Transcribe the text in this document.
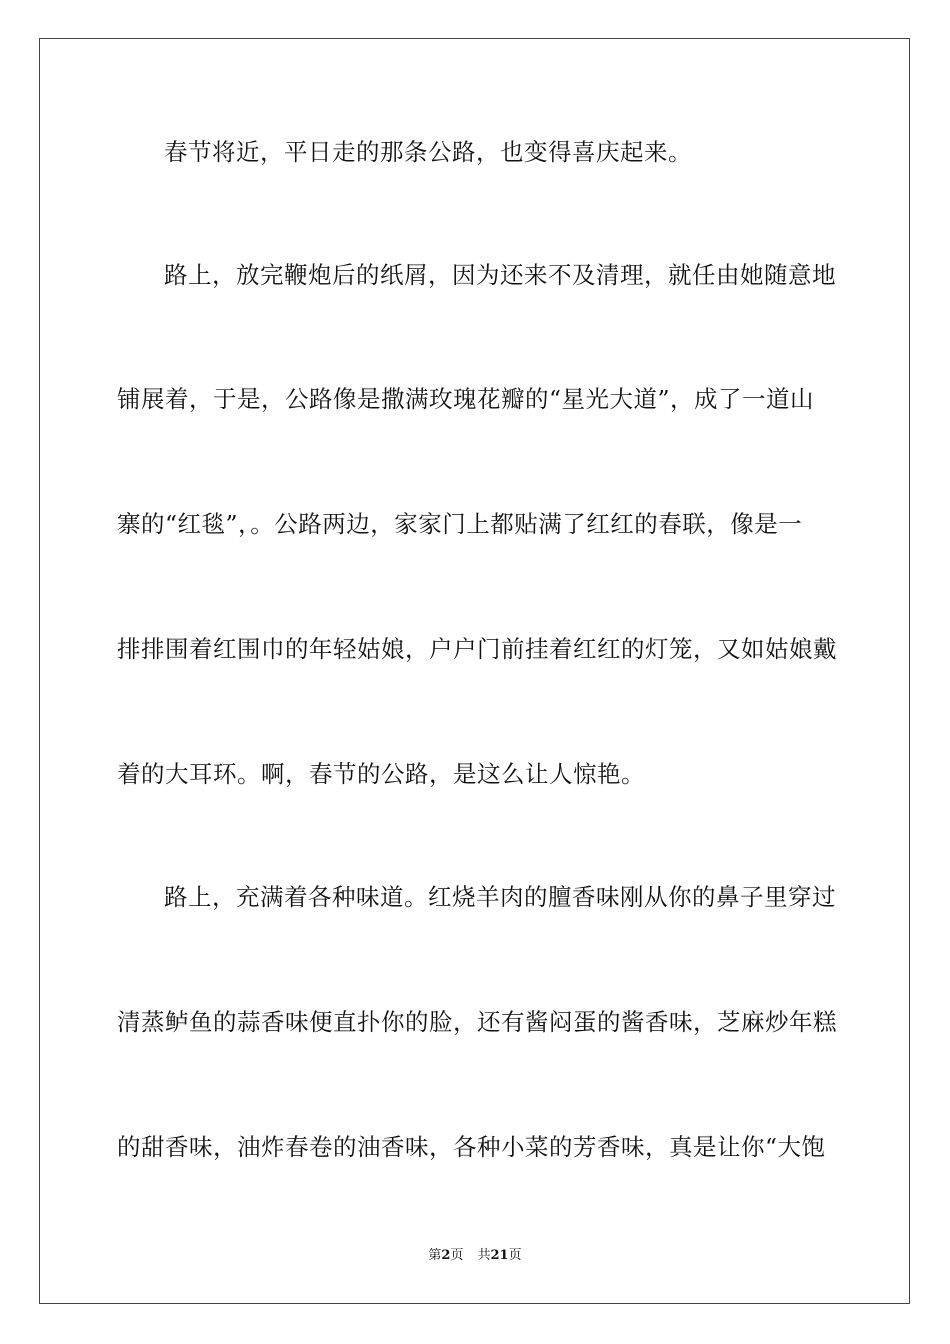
春节将近，平日走的那条公路，也变得喜庆起来。
路上，放完鞭炮后的纸屑，因为还来不及清理，就任由她随意地
铺展着，于是，公路像是撒满玫瑰花瓣的“星光大道”，成了一道山
寨的“红毯”，。公路两边，家家门上都贴满了红红的春联，像是一
排排围着红围巾的年轻姑娘，户户门前挂着红红的灯笼，又如姑娘戴
着的大耳环。啊，春节的公路，是这么让人惊艳。
路上，充满着各种味道。红烧羊肉的膻香味刚从你的鼻子里穿过
清蒸鲈鱼的蒜香味便直扑你的脸，还有酱闷蛋的酱香味，芝麻炒年糕
的甜香味，油炸春卷的油香味，各种小菜的芳香味，真是让你“大饱
第2页 共21页
